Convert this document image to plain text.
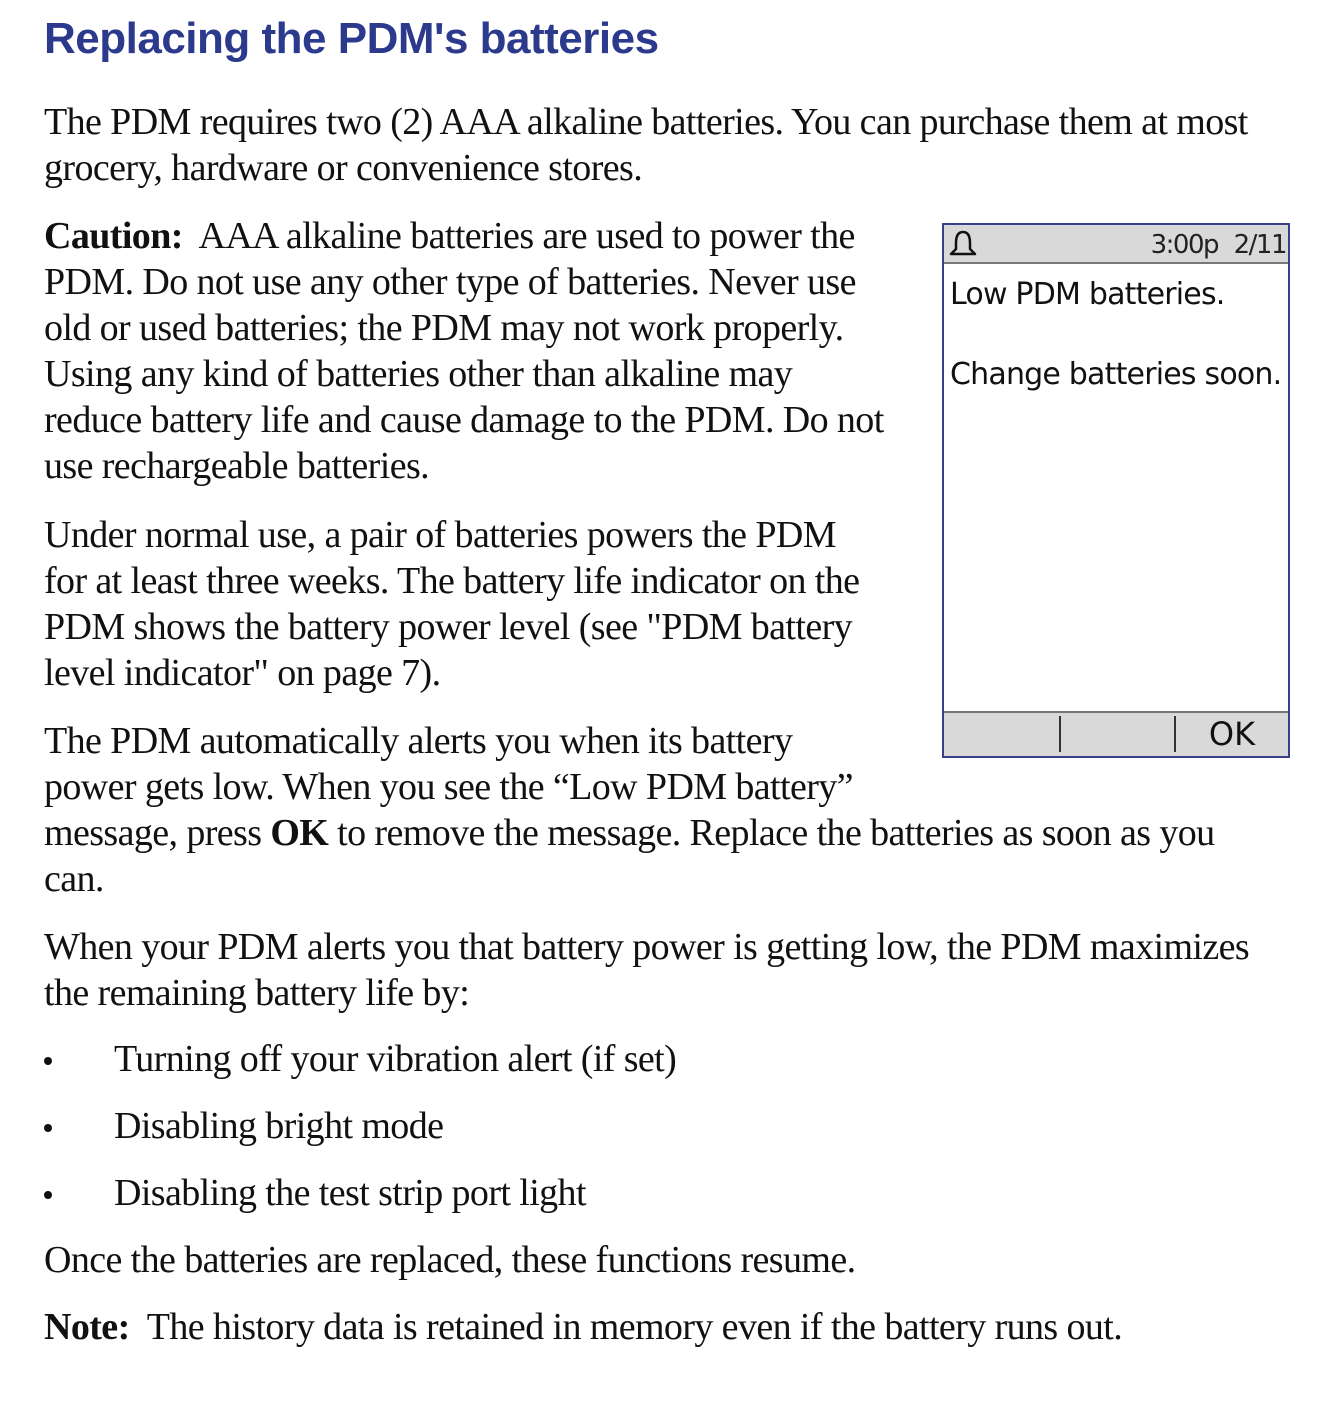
Replacing the PDM's batteries

The PDM requires two (2) AAA alkaline batteries. You can purchase them at most grocery, hardware or convenience stores.

Caution: AAA alkaline batteries are used to power the PDM. Do not use any other type of batteries. Never use old or used batteries; the PDM may not work properly. Using any kind of batteries other than alkaline may reduce battery life and cause damage to the PDM. Do not use rechargeable batteries.

Under normal use, a pair of batteries powers the PDM for at least three weeks. The battery life indicator on the PDM shows the battery power level (see "PDM battery level indicator" on page 7).

The PDM automatically alerts you when its battery power gets low. When you see the “Low PDM battery” message, press OK to remove the message. Replace the batteries as soon as you can.

When your PDM alerts you that battery power is getting low, the PDM maximizes the remaining battery life by:

Turning off your vibration alert (if set)
Disabling bright mode
Disabling the test strip port light

Once the batteries are replaced, these functions resume.

Note: The history data is retained in memory even if the battery runs out.

3:00p 2/11
Low PDM batteries.
Change batteries soon.
OK
